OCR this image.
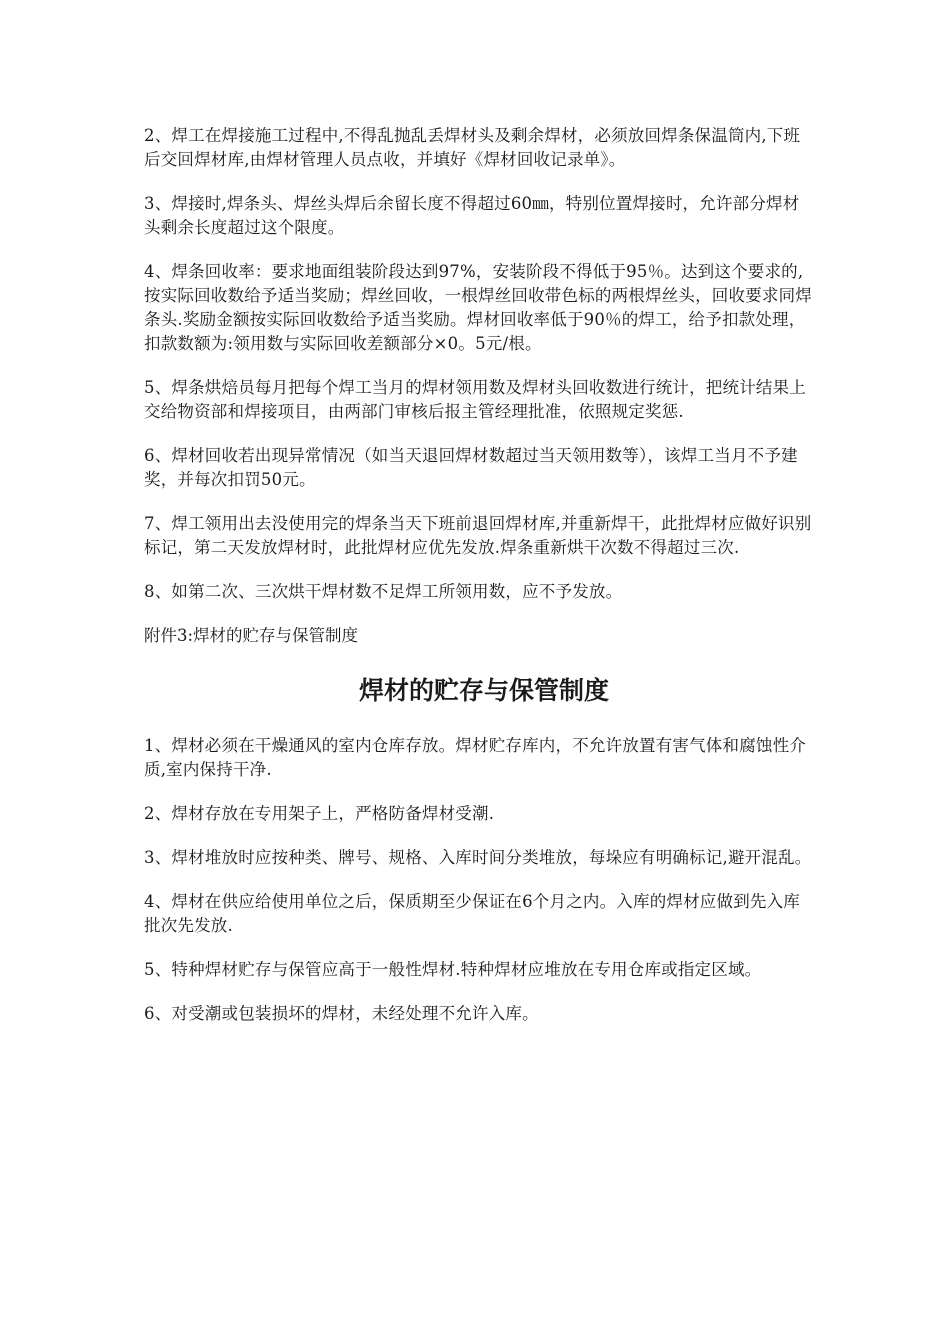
2、焊工在焊接施工过程中,不得乱抛乱丢焊材头及剩余焊材，必须放回焊条保温筒内,下班后交回焊材库,由焊材管理人员点收，并填好《焊材回收记录单》。

3、焊接时,焊条头、焊丝头焊后余留长度不得超过60㎜，特别位置焊接时，允许部分焊材头剩余长度超过这个限度。

4、焊条回收率：要求地面组装阶段达到97%，安装阶段不得低于95％。达到这个要求的,按实际回收数给予适当奖励；焊丝回收，一根焊丝回收带色标的两根焊丝头，回收要求同焊条头.奖励金额按实际回收数给予适当奖励。焊材回收率低于90％的焊工，给予扣款处理，扣款数额为:领用数与实际回收差额部分×0。5元/根。

5、焊条烘焙员每月把每个焊工当月的焊材领用数及焊材头回收数进行统计，把统计结果上交给物资部和焊接项目，由两部门审核后报主管经理批准，依照规定奖惩.

6、焊材回收若出现异常情况（如当天退回焊材数超过当天领用数等），该焊工当月不予建奖，并每次扣罚50元。

7、焊工领用出去没使用完的焊条当天下班前退回焊材库,并重新焊干，此批焊材应做好识别标记，第二天发放焊材时，此批焊材应优先发放.焊条重新烘干次数不得超过三次.

8、如第二次、三次烘干焊材数不足焊工所领用数，应不予发放。

附件3:焊材的贮存与保管制度

焊材的贮存与保管制度

1、焊材必须在干燥通风的室内仓库存放。焊材贮存库内，不允许放置有害气体和腐蚀性介质,室内保持干净.

2、焊材存放在专用架子上，严格防备焊材受潮.

3、焊材堆放时应按种类、牌号、规格、入库时间分类堆放，每垛应有明确标记,避开混乱。

4、焊材在供应给使用单位之后，保质期至少保证在6个月之内。入库的焊材应做到先入库批次先发放.

5、特种焊材贮存与保管应高于一般性焊材.特种焊材应堆放在专用仓库或指定区域。

6、对受潮或包装损坏的焊材，未经处理不允许入库。
